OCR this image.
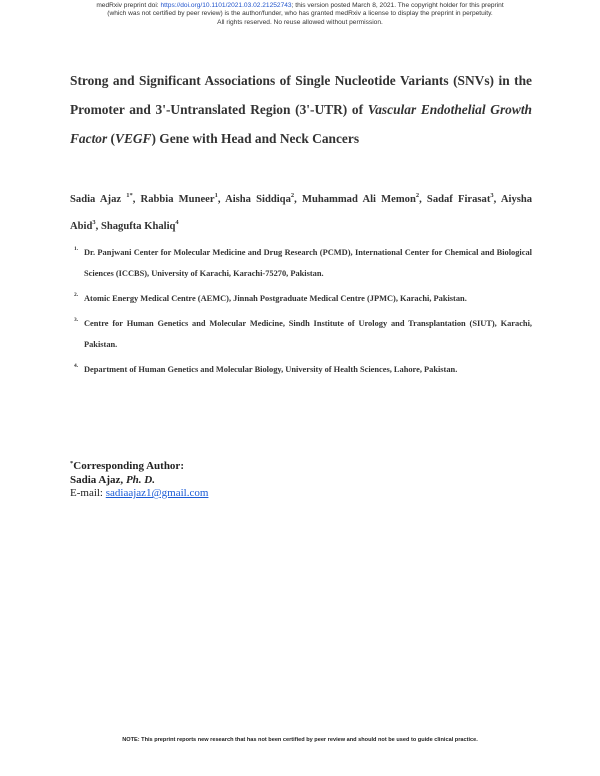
medRxiv preprint doi: https://doi.org/10.1101/2021.03.02.21252743; this version posted March 8, 2021. The copyright holder for this preprint
(which was not certified by peer review) is the author/funder, who has granted medRxiv a license to display the preprint in perpetuity.
All rights reserved. No reuse allowed without permission.
Strong and Significant Associations of Single Nucleotide Variants (SNVs) in the Promoter and 3'-Untranslated Region (3'-UTR) of Vascular Endothelial Growth Factor (VEGF) Gene with Head and Neck Cancers
Sadia Ajaz $^{1*}$, Rabbia Muneer$^1$, Aisha Siddiqa$^2$, Muhammad Ali Memon$^2$, Sadaf Firasat$^3$, Aiysha Abid$^3$, Shagufta Khaliq$^4$
1. Dr. Panjwani Center for Molecular Medicine and Drug Research (PCMD), International Center for Chemical and Biological Sciences (ICCBS), University of Karachi, Karachi-75270, Pakistan.
2. Atomic Energy Medical Centre (AEMC), Jinnah Postgraduate Medical Centre (JPMC), Karachi, Pakistan.
3. Centre for Human Genetics and Molecular Medicine, Sindh Institute of Urology and Transplantation (SIUT), Karachi, Pakistan.
4. Department of Human Genetics and Molecular Biology, University of Health Sciences, Lahore, Pakistan.
*Corresponding Author:
Sadia Ajaz, Ph. D.
E-mail: sadiaajaz1@gmail.com
NOTE: This preprint reports new research that has not been certified by peer review and should not be used to guide clinical practice.
